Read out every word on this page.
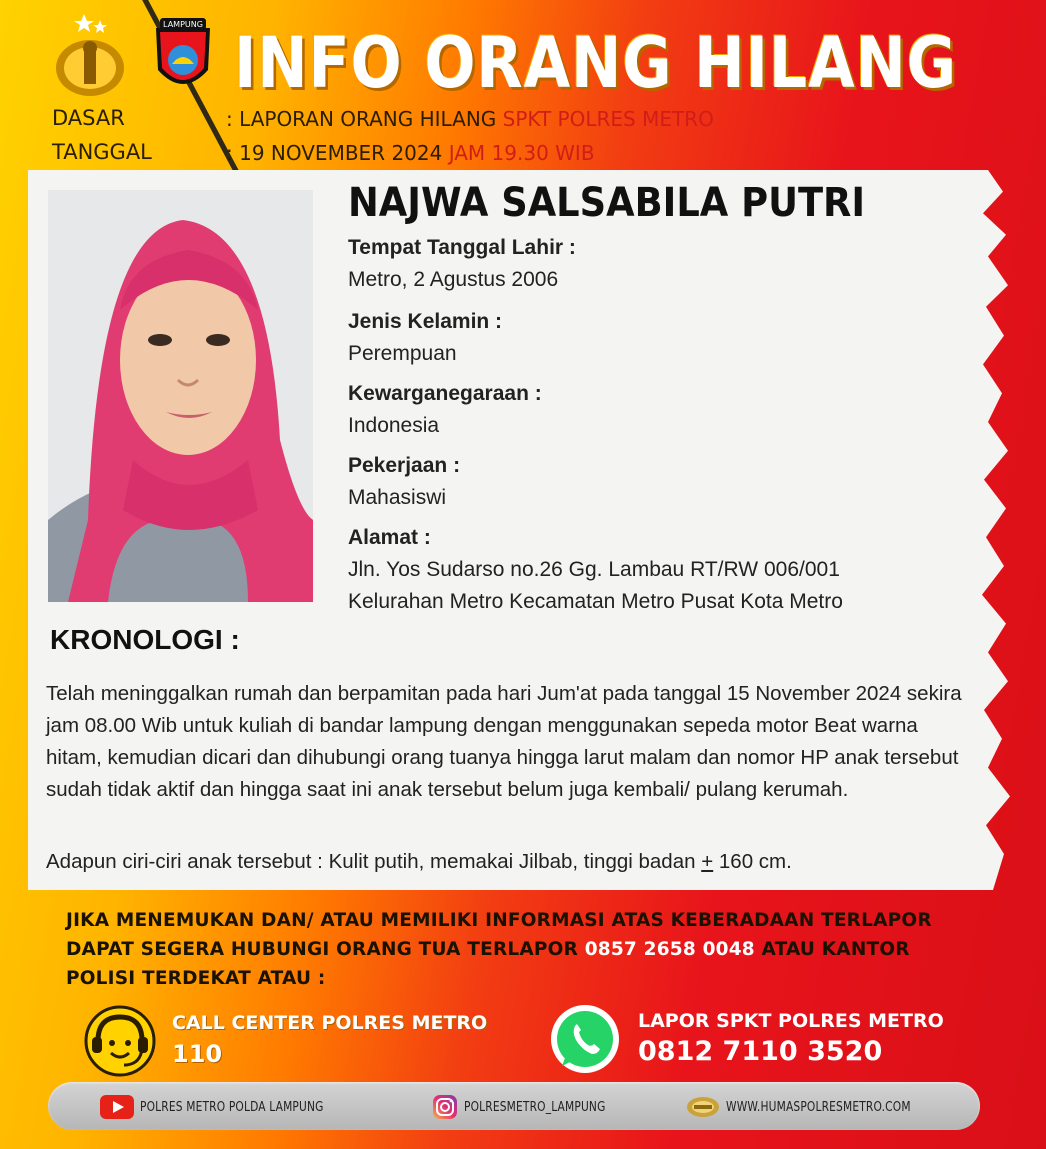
LAMPUNG INFO ORANG HILANG
DASAR	: LAPORAN ORANG HILANG SPKT POLRES METRO
TANGGAL	: 19 NOVEMBER 2024 JAM 19.30 WIB
NAJWA SALSABILA PUTRI
Tempat Tanggal Lahir :
Metro, 2 Agustus 2006
Jenis Kelamin :
Perempuan
Kewarganegaraan :
Indonesia
Pekerjaan :
Mahasiswi
Alamat :
Jln. Yos Sudarso no.26 Gg. Lambau RT/RW 006/001
Kelurahan Metro Kecamatan Metro Pusat Kota Metro
KRONOLOGI :
Telah meninggalkan rumah dan berpamitan pada hari Jum'at pada tanggal 15 November 2024 sekira jam 08.00 Wib untuk kuliah di bandar lampung dengan menggunakan sepeda motor Beat warna hitam, kemudian dicari dan dihubungi orang tuanya hingga larut malam dan nomor HP anak tersebut sudah tidak aktif dan hingga saat ini anak tersebut belum juga kembali/ pulang kerumah.
Adapun ciri-ciri anak tersebut : Kulit putih, memakai Jilbab, tinggi badan + 160 cm.
JIKA MENEMUKAN DAN/ ATAU MEMILIKI INFORMASI ATAS KEBERADAAN TERLAPOR
DAPAT SEGERA HUBUNGI ORANG TUA TERLAPOR 0857 2658 0048 ATAU KANTOR
POLISI TERDEKAT ATAU :
CALL CENTER POLRES METRO
110
LAPOR SPKT POLRES METRO
0812 7110 3520
POLRES METRO POLDA LAMPUNG	POLRESMETRO_LAMPUNG	WWW.HUMASPOLRESMETRO.COM
